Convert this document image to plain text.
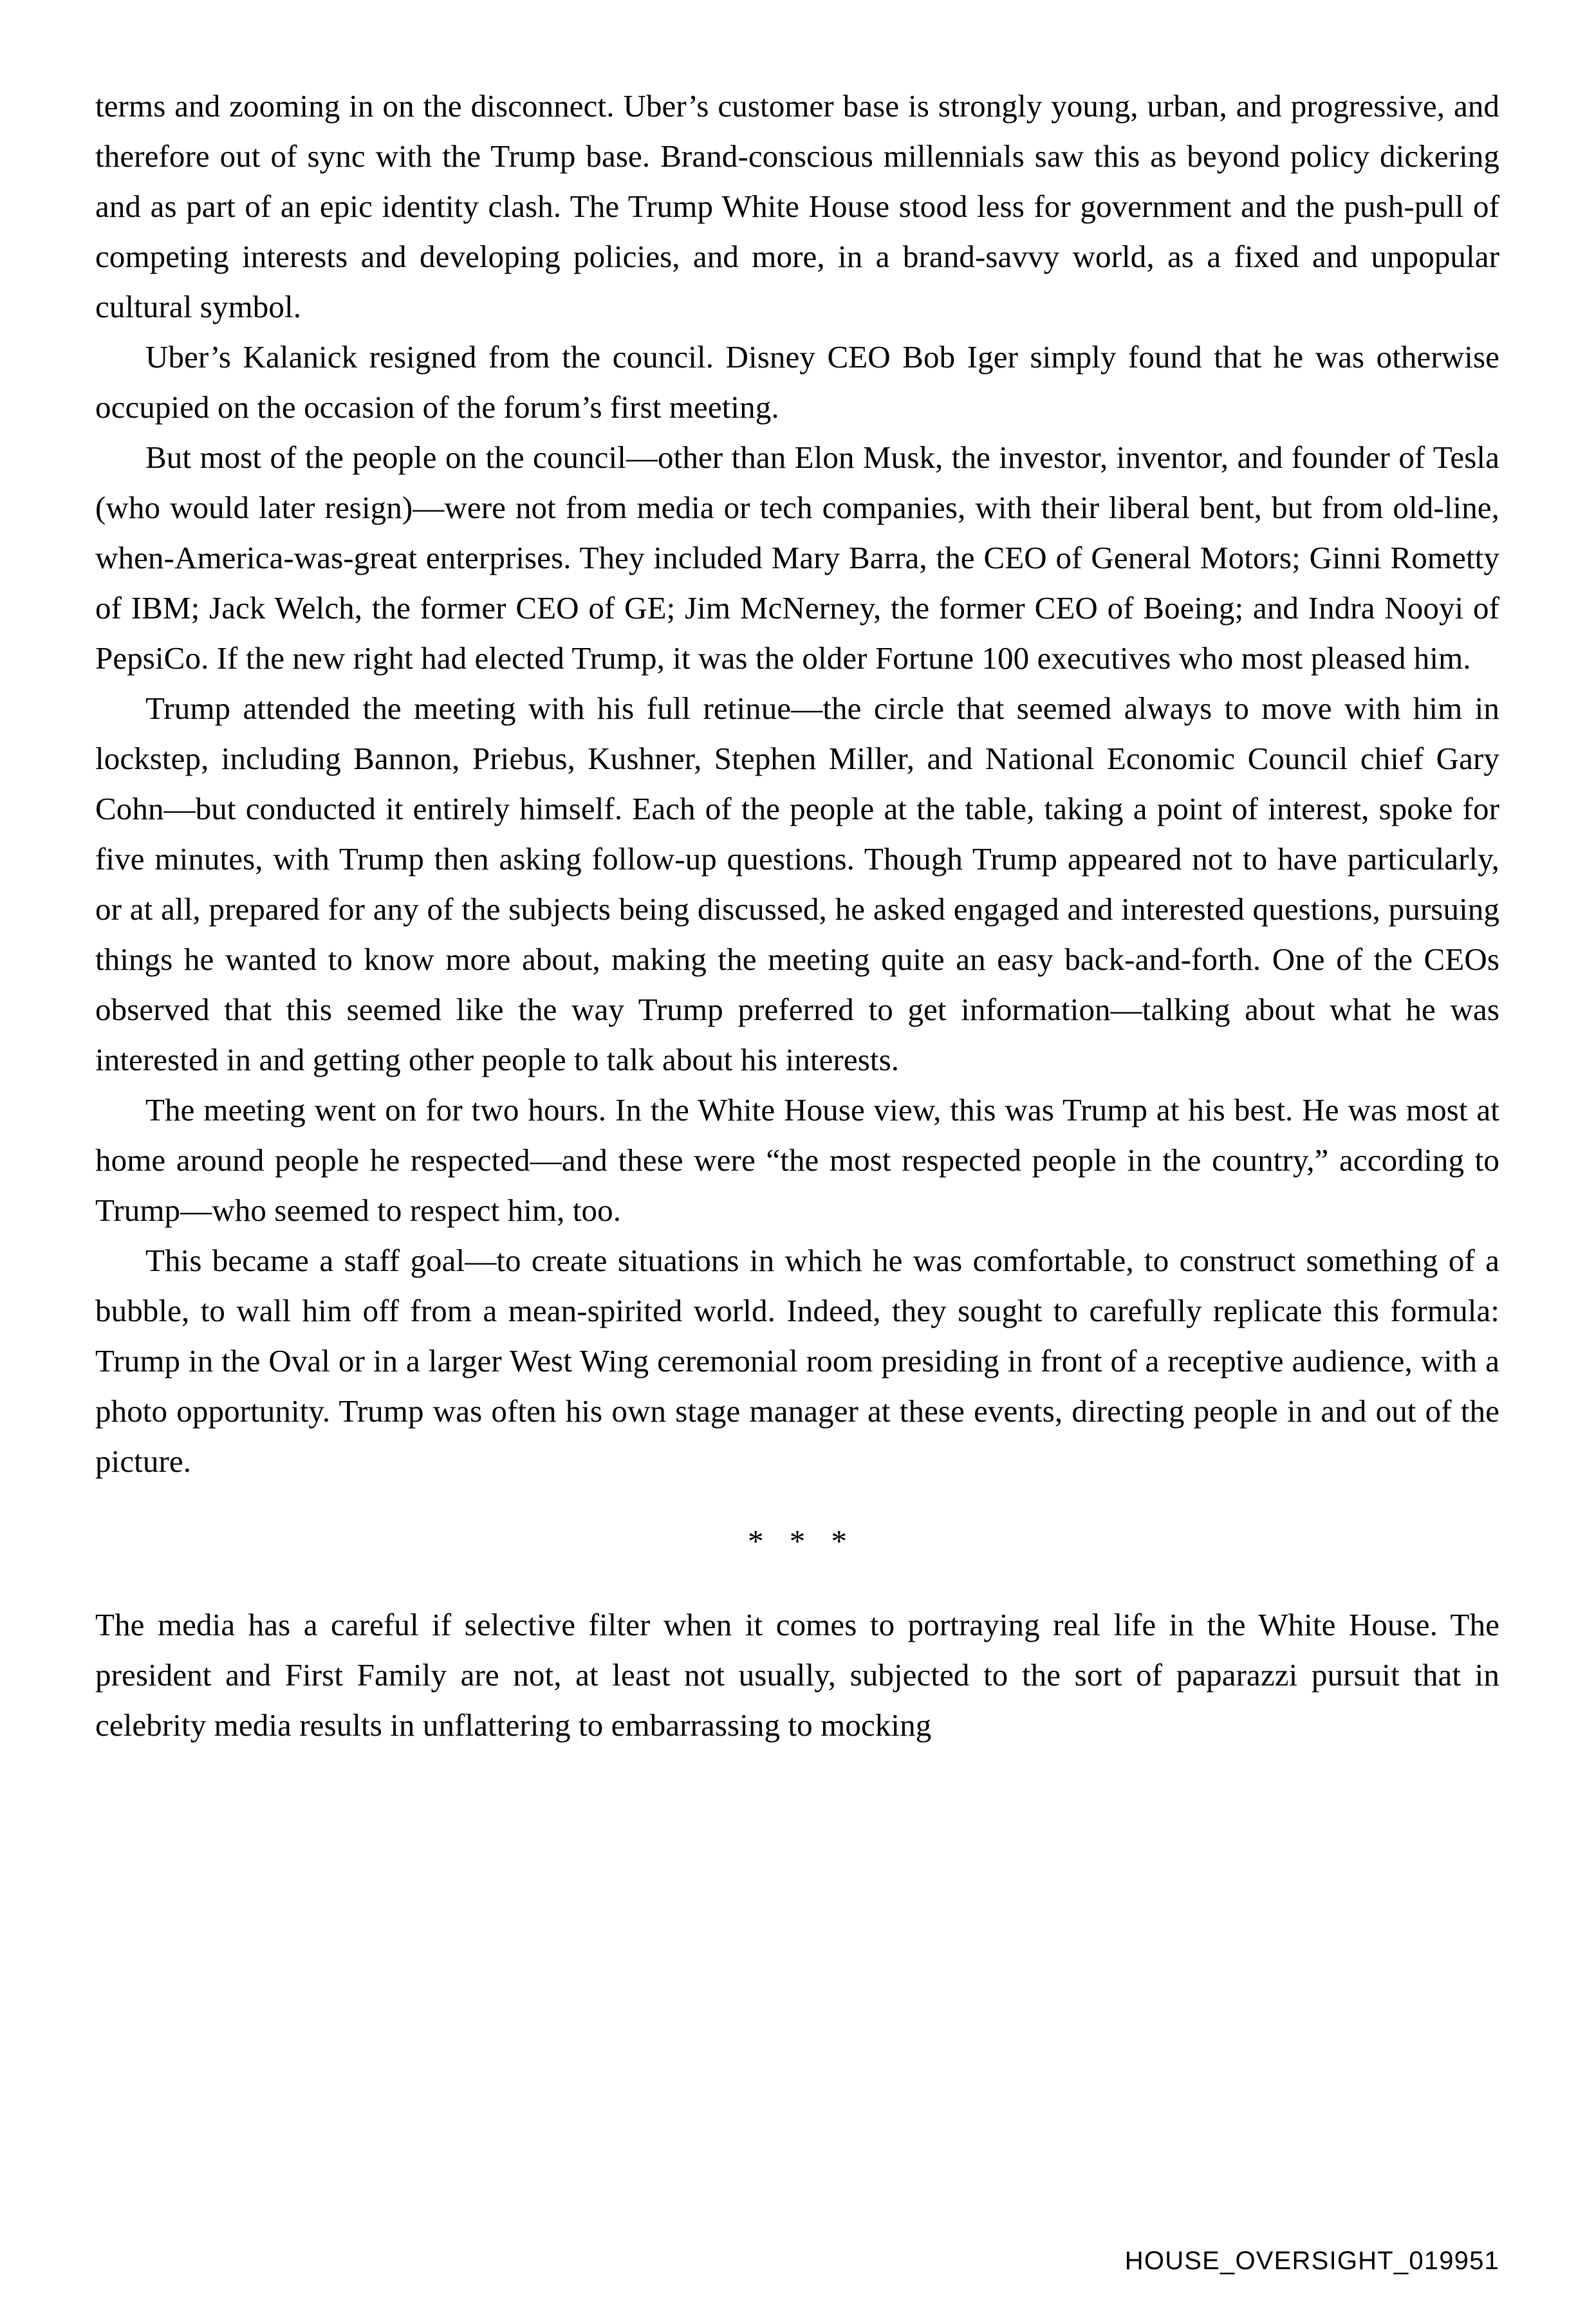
terms and zooming in on the disconnect. Uber’s customer base is strongly young, urban, and progressive, and therefore out of sync with the Trump base. Brand-conscious millennials saw this as beyond policy dickering and as part of an epic identity clash. The Trump White House stood less for government and the push-pull of competing interests and developing policies, and more, in a brand-savvy world, as a fixed and unpopular cultural symbol.

Uber’s Kalanick resigned from the council. Disney CEO Bob Iger simply found that he was otherwise occupied on the occasion of the forum’s first meeting.

But most of the people on the council—other than Elon Musk, the investor, inventor, and founder of Tesla (who would later resign)—were not from media or tech companies, with their liberal bent, but from old-line, when-America-was-great enterprises. They included Mary Barra, the CEO of General Motors; Ginni Rometty of IBM; Jack Welch, the former CEO of GE; Jim McNerney, the former CEO of Boeing; and Indra Nooyi of PepsiCo. If the new right had elected Trump, it was the older Fortune 100 executives who most pleased him.

Trump attended the meeting with his full retinue—the circle that seemed always to move with him in lockstep, including Bannon, Priebus, Kushner, Stephen Miller, and National Economic Council chief Gary Cohn—but conducted it entirely himself. Each of the people at the table, taking a point of interest, spoke for five minutes, with Trump then asking follow-up questions. Though Trump appeared not to have particularly, or at all, prepared for any of the subjects being discussed, he asked engaged and interested questions, pursuing things he wanted to know more about, making the meeting quite an easy back-and-forth. One of the CEOs observed that this seemed like the way Trump preferred to get information—talking about what he was interested in and getting other people to talk about his interests.

The meeting went on for two hours. In the White House view, this was Trump at his best. He was most at home around people he respected—and these were “the most respected people in the country,” according to Trump—who seemed to respect him, too.

This became a staff goal—to create situations in which he was comfortable, to construct something of a bubble, to wall him off from a mean-spirited world. Indeed, they sought to carefully replicate this formula: Trump in the Oval or in a larger West Wing ceremonial room presiding in front of a receptive audience, with a photo opportunity. Trump was often his own stage manager at these events, directing people in and out of the picture.

* * *

The media has a careful if selective filter when it comes to portraying real life in the White House. The president and First Family are not, at least not usually, subjected to the sort of paparazzi pursuit that in celebrity media results in unflattering to embarrassing to mocking

HOUSE_OVERSIGHT_019951
